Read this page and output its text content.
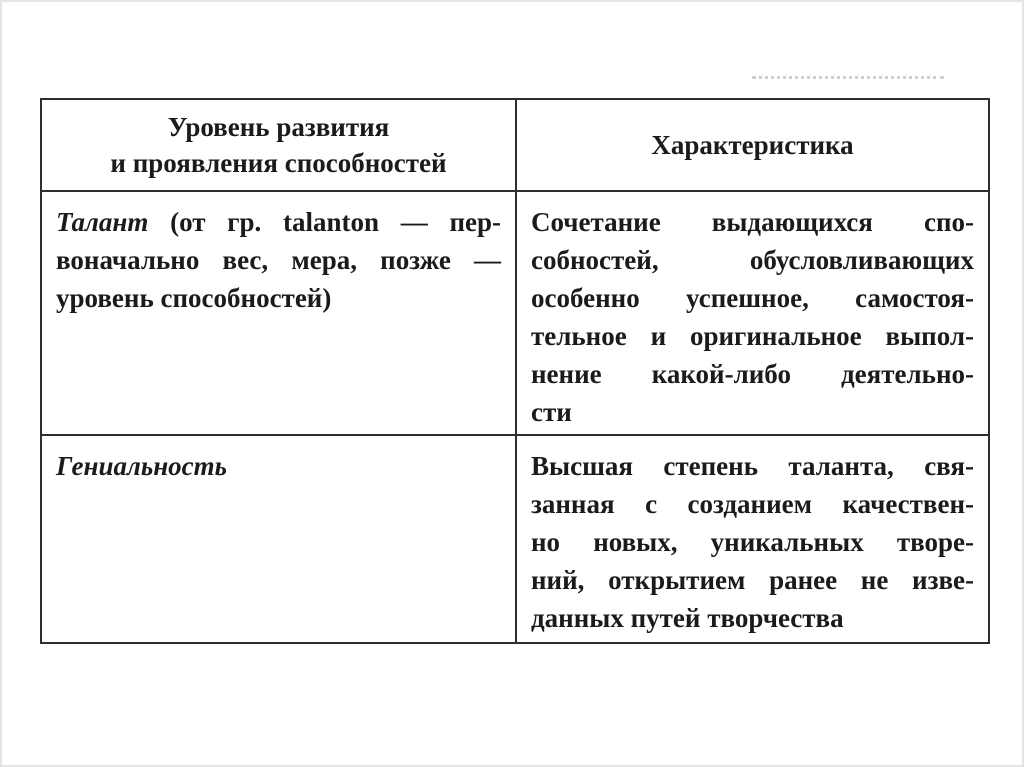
Уровень развития
и проявления способностей
Характеристика
Талант (от гр. talanton — пер-
воначально вес, мера, позже —
уровень способностей)
Сочетание выдающихся спо-
собностей, обусловливающих
особенно успешное, самостоя-
тельное и оригинальное выпол-
нение какой-либо деятельно-
сти
Гениальность	Высшая степень таланта, свя-
занная с созданием качествен-
но новых, уникальных творе-
ний, открытием ранее не изве-
данных путей творчества
